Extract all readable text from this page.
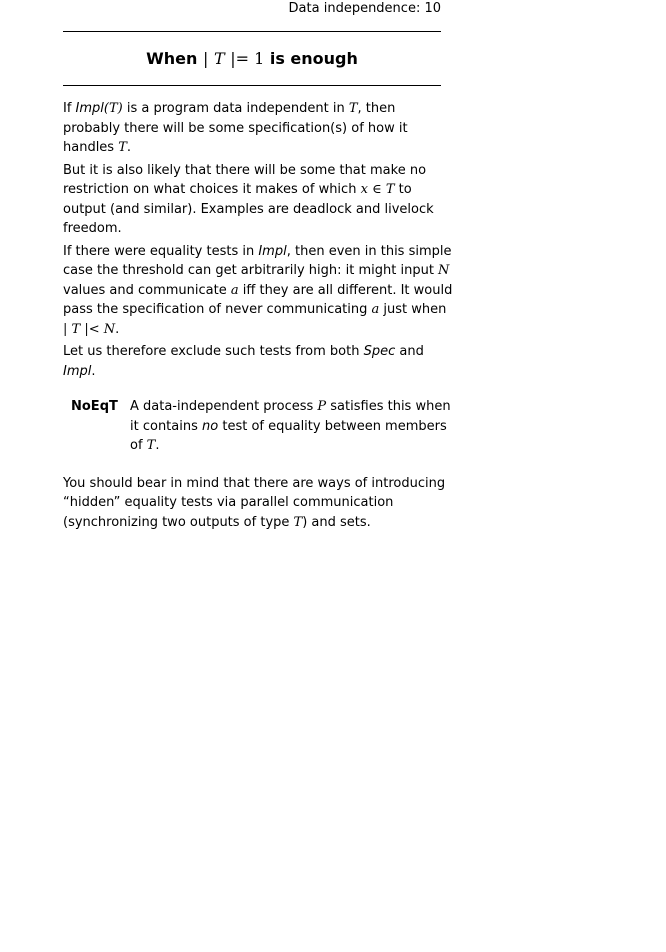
Data independence: 10
When | T |= 1 is enough
If Impl(T) is a program data independent in T, then
probably there will be some specification(s) of how it
handles T.
But it is also likely that there will be some that make no
restriction on what choices it makes of which x ∈ T to
output (and similar). Examples are deadlock and livelock
freedom.
If there were equality tests in Impl, then even in this simple
case the threshold can get arbitrarily high: it might input N
values and communicate a iff they are all different. It would
pass the specification of never communicating a just when
| T |< N.
Let us therefore exclude such tests from both Spec and
Impl.
NoEqT A data-independent process P satisfies this when
it contains no test of equality between members
of T.
You should bear in mind that there are ways of introducing
“hidden” equality tests via parallel communication
(synchronizing two outputs of type T) and sets.
